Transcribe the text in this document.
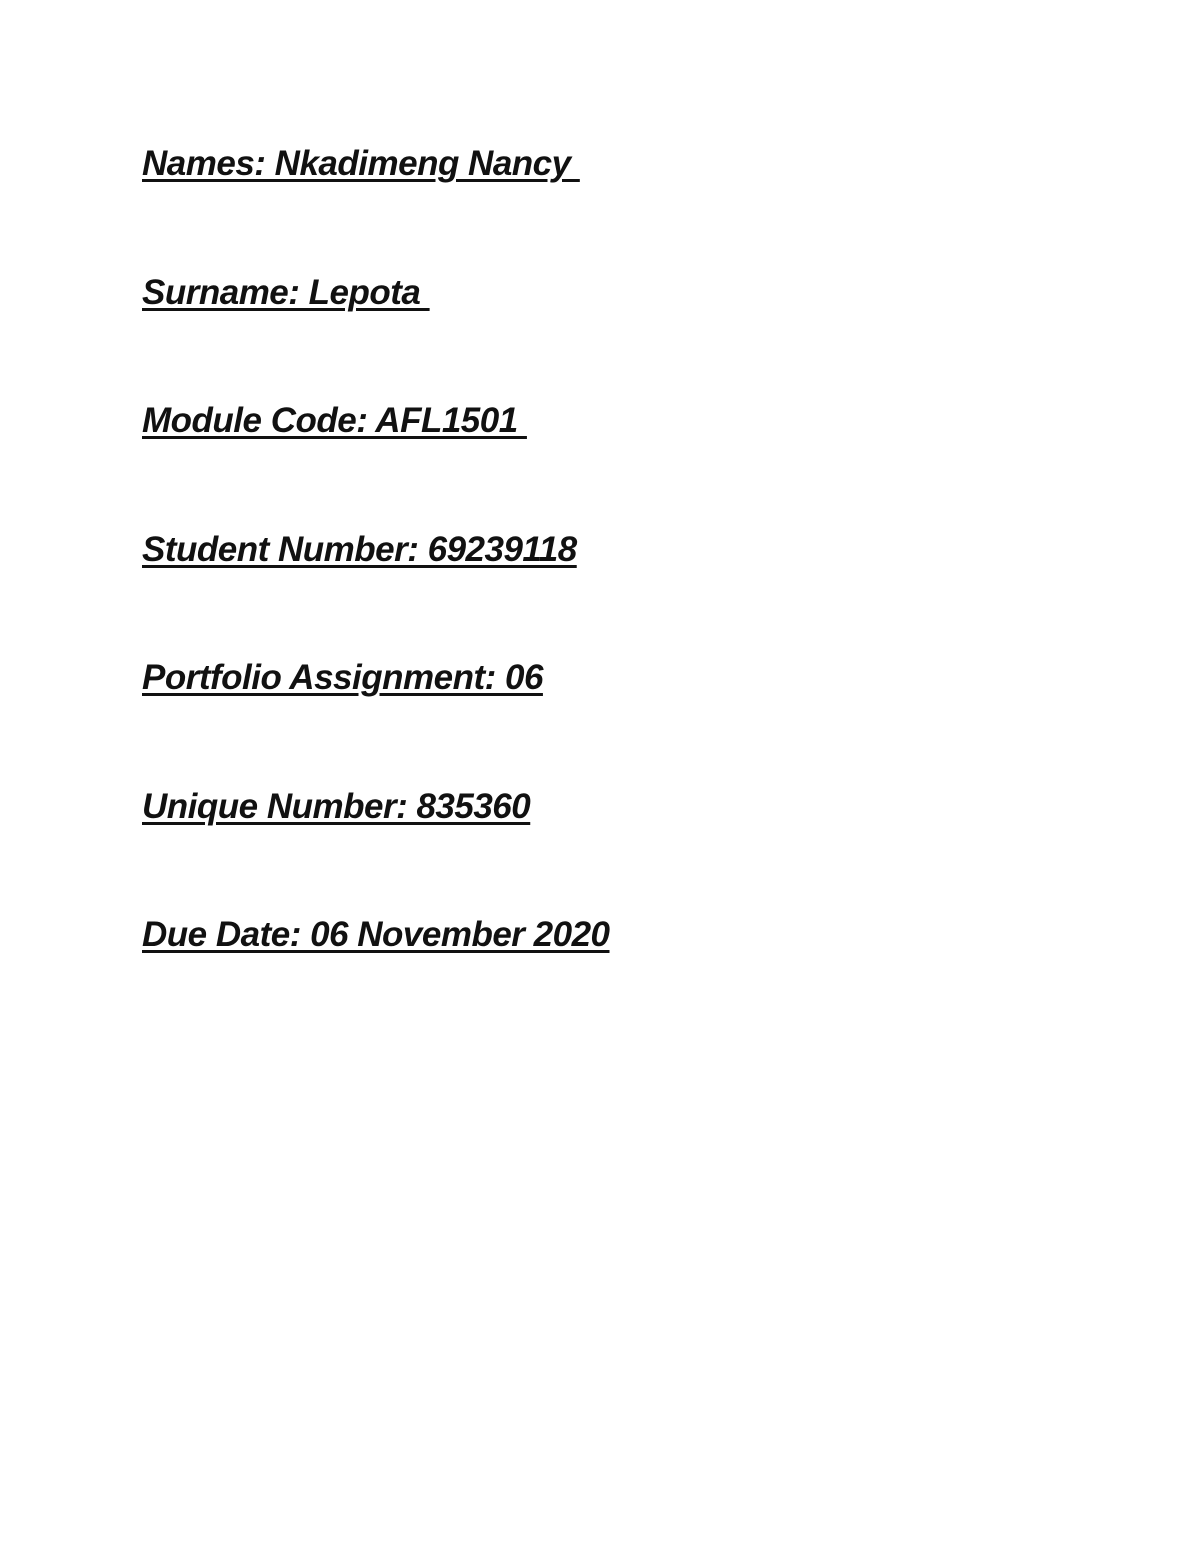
Names: Nkadimeng Nancy
Surname: Lepota
Module Code: AFL1501
Student Number: 69239118
Portfolio Assignment: 06
Unique Number: 835360
Due Date: 06 November 2020
